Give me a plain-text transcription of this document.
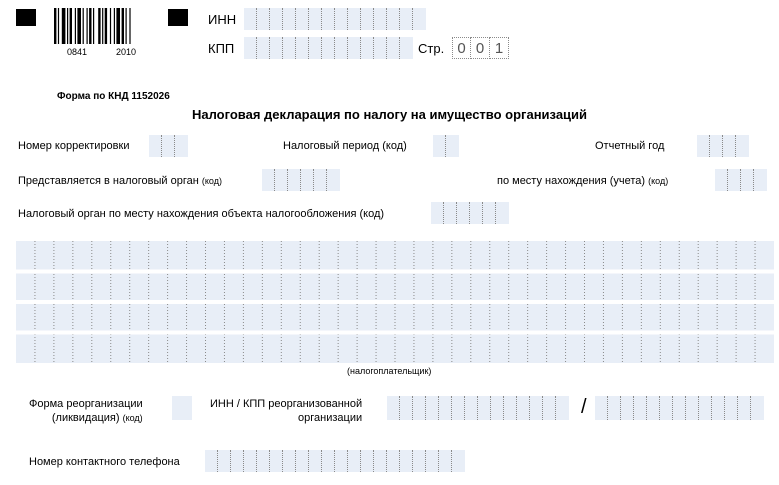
0841	2010
ИНН
КПП	Стр. 0 0 1
Форма по КНД 1152026
Налоговая декларация по налогу на имущество организаций
Номер корректировки	Налоговый период (код)	Отчетный год
Представляется в налоговый орган (код)	по месту нахождения (учета) (код)
Налоговый орган по месту нахождения объекта налогообложения (код)
(налогоплательщик)
Форма реорганизации
(ликвидация) (код)
ИНН / КПП реорганизованной
организации	/
Номер контактного телефона
